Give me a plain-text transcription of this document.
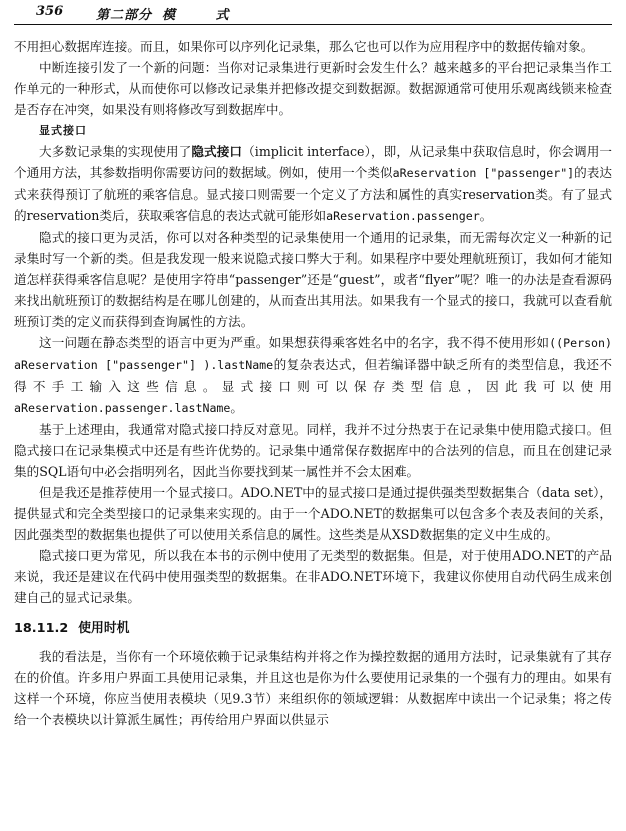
356	第二部分 模 式

不用担心数据库连接。而且，如果你可以序列化记录集，那么它也可以作为应用程序中的数据传输对象。

中断连接引发了一个新的问题：当你对记录集进行更新时会发生什么？越来越多的平台把记录集当作工作单元的一种形式，从而使你可以修改记录集并把修改提交到数据源。数据源通常可使用乐观离线锁来检查是否存在冲突，如果没有则将修改写到数据库中。

显式接口

大多数记录集的实现使用了隐式接口（implicit interface），即，从记录集中获取信息时，你会调用一个通用方法，其参数指明你需要访问的数据域。例如，使用一个类似aReservation ["passenger"]的表达式来获得预订了航班的乘客信息。显式接口则需要一个定义了方法和属性的真实reservation类。有了显式的reservation类后，获取乘客信息的表达式就可能形如aReservation.passenger。

隐式的接口更为灵活，你可以对各种类型的记录集使用一个通用的记录集，而无需每次定义一种新的记录集时写一个新的类。但是我发现一般来说隐式接口弊大于利。如果程序中要处理航班预订，我如何才能知道怎样获得乘客信息呢？是使用字符串“passenger”还是“guest”，或者“flyer”呢？唯一的办法是查看源码来找出航班预订的数据结构是在哪儿创建的，从而查出其用法。如果我有一个显式的接口，我就可以查看航班预订类的定义而获得到查询属性的方法。

这一问题在静态类型的语言中更为严重。如果想获得乘客姓名中的名字，我不得不使用形如((Person) aReservation ["passenger"] ).lastName的复杂表达式，但若编译器中缺乏所有的类型信息，我还不得不手工输入这些信息。显式接口则可以保存类型信息，因此我可以使用aReservation.passenger.lastName。

基于上述理由，我通常对隐式接口持反对意见。同样，我并不过分热衷于在记录集中使用隐式接口。但隐式接口在记录集模式中还是有些许优势的。记录集中通常保存数据库中的合法列的信息，而且在创建记录集的SQL语句中必会指明列名，因此当你要找到某一属性并不会太困难。

但是我还是推荐使用一个显式接口。ADO.NET中的显式接口是通过提供强类型数据集合（data set），提供显式和完全类型接口的记录集来实现的。由于一个ADO.NET的数据集可以包含多个表及表间的关系，因此强类型的数据集也提供了可以使用关系信息的属性。这些类是从XSD数据集的定义中生成的。

隐式接口更为常见，所以我在本书的示例中使用了无类型的数据集。但是，对于使用ADO.NET的产品来说，我还是建议在代码中使用强类型的数据集。在非ADO.NET环境下，我建议你使用自动代码生成来创建自己的显式记录集。

18.11.2 使用时机

我的看法是，当你有一个环境依赖于记录集结构并将之作为操控数据的通用方法时，记录集就有了其存在的价值。许多用户界面工具使用记录集，并且这也是你为什么要使用记录集的一个强有力的理由。如果有这样一个环境，你应当使用表模块（见9.3节）来组织你的领域逻辑：从数据库中读出一个记录集；将之传给一个表模块以计算派生属性；再传给用户界面以供显示
